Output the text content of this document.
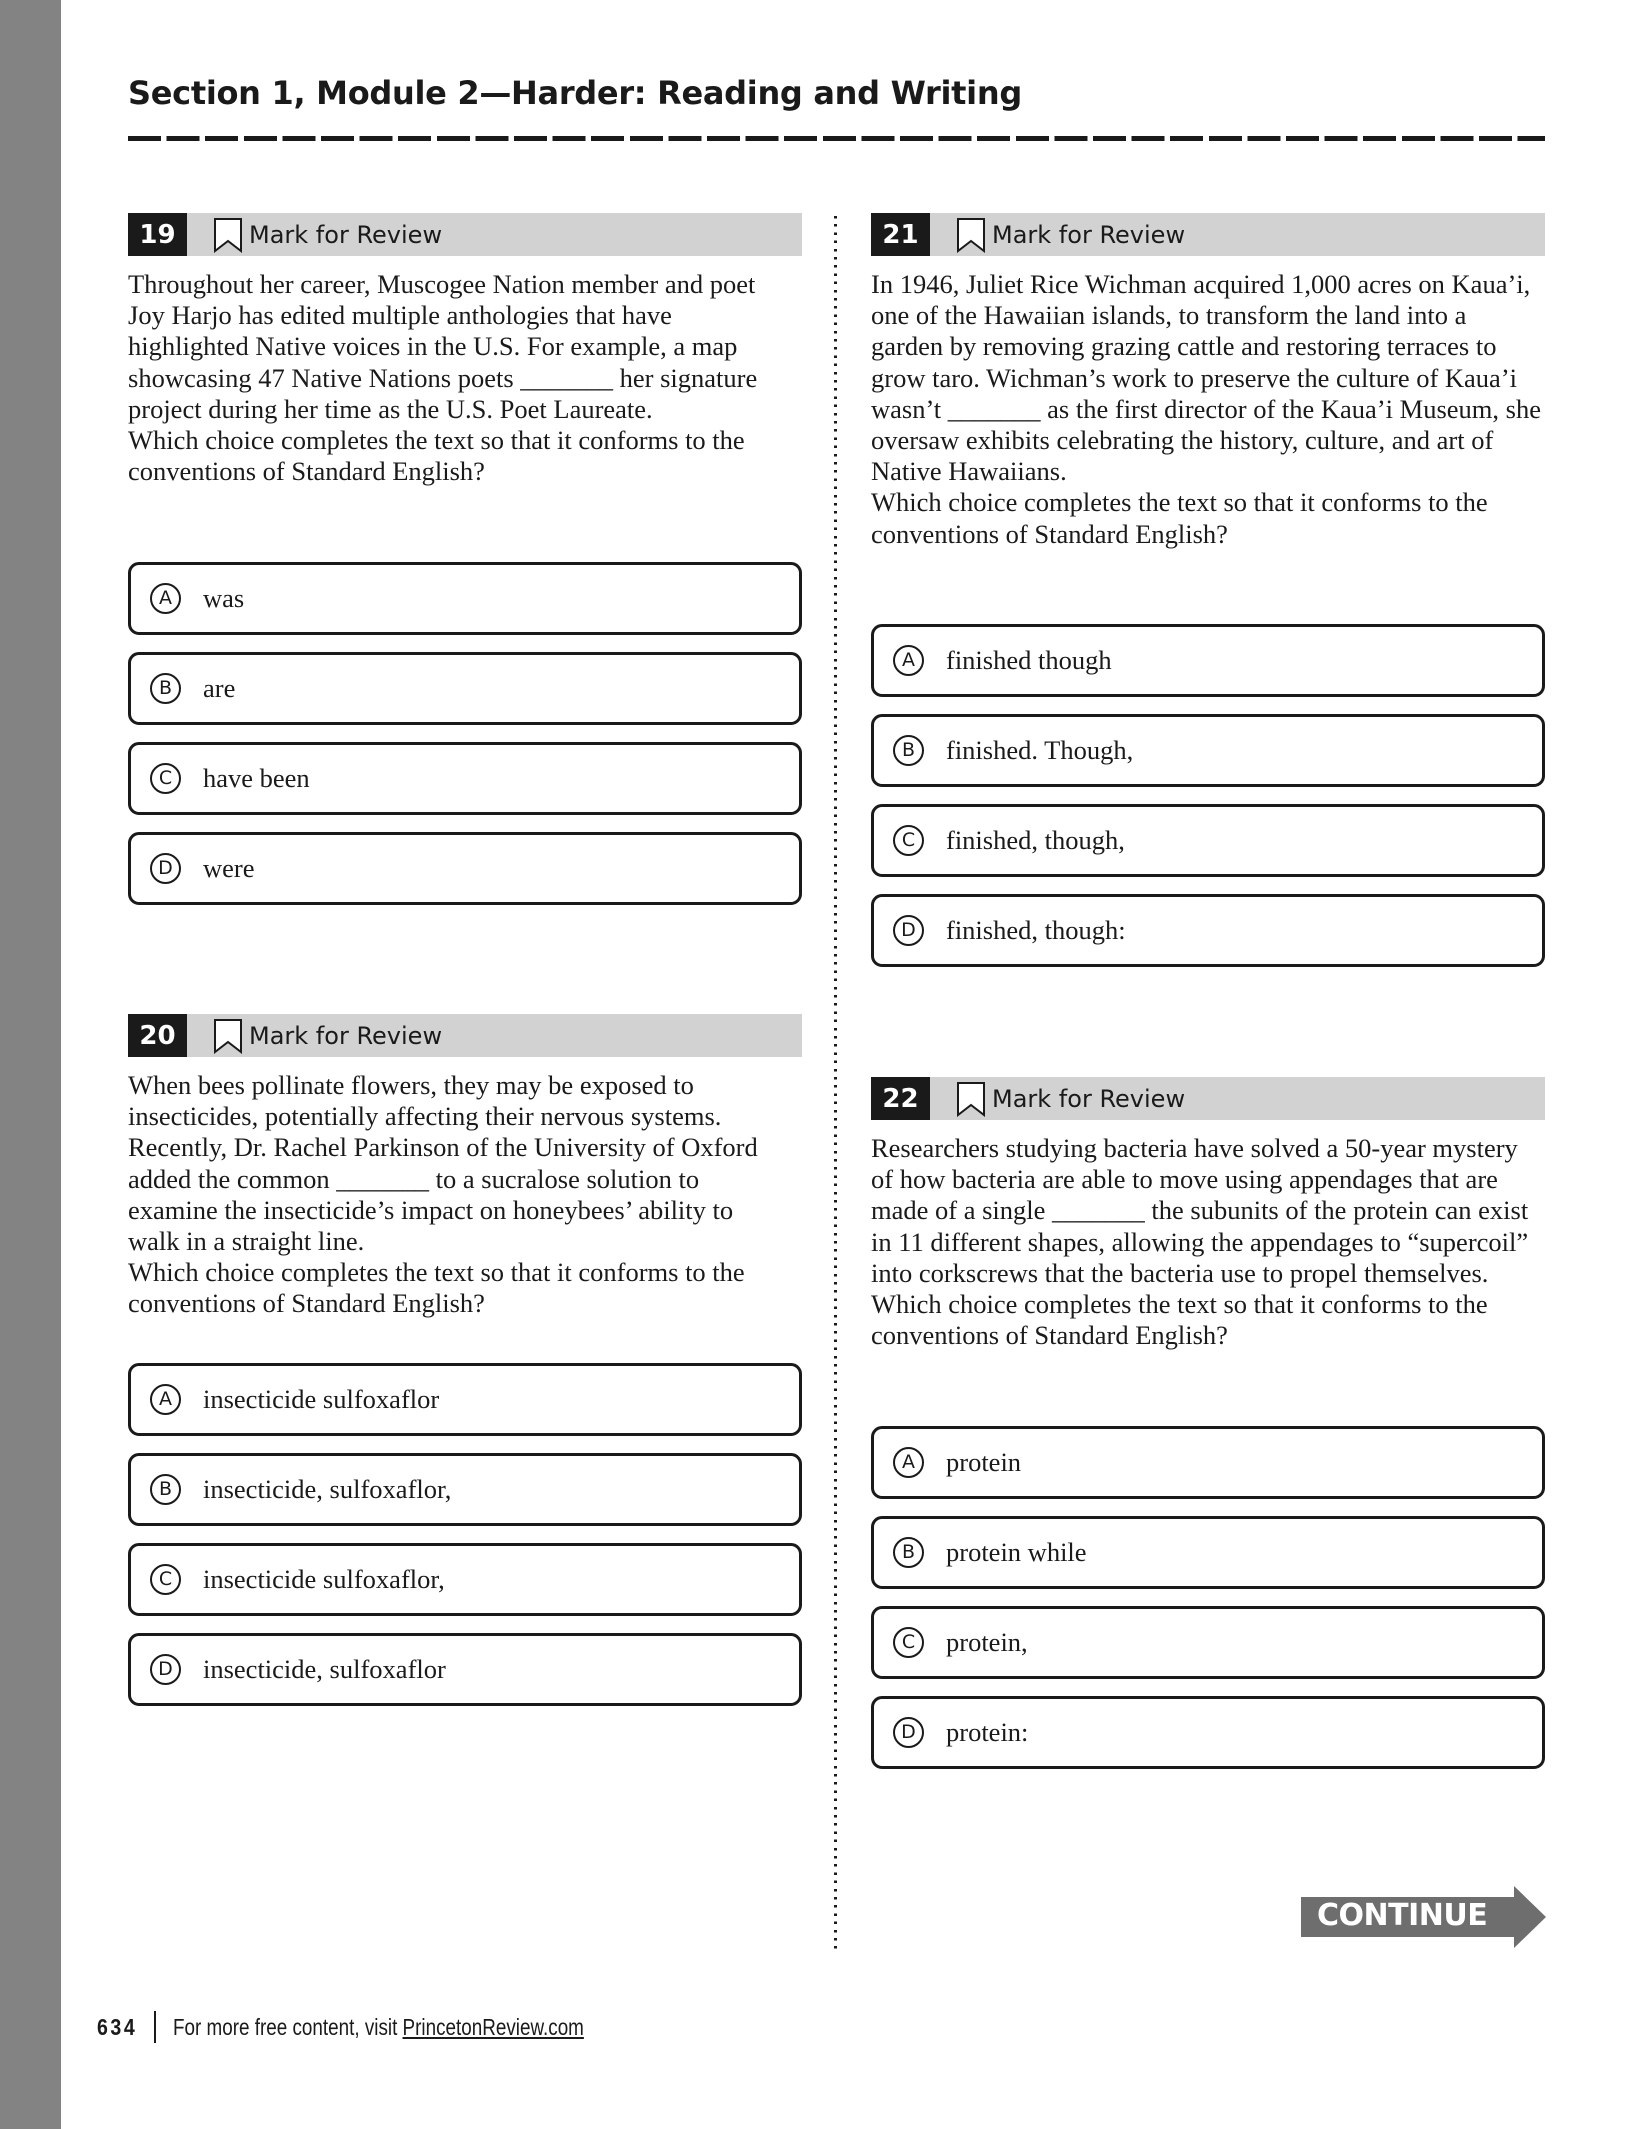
Section 1, Module 2—Harder: Reading and Writing
19	Mark for Review

Throughout her career, Muscogee Nation member and poet Joy Harjo has edited multiple anthologies that have highlighted Native voices in the U.S. For example, a map showcasing 47 Native Nations poets _______ her signature project during her time as the U.S. Poet Laureate.

Which choice completes the text so that it conforms to the conventions of Standard English?

A	was
B	are
C	have been
D	were
20	Mark for Review

When bees pollinate flowers, they may be exposed to insecticides, potentially affecting their nervous systems. Recently, Dr. Rachel Parkinson of the University of Oxford added the common _______ to a sucralose solution to examine the insecticide’s impact on honeybees’ ability to walk in a straight line.

Which choice completes the text so that it conforms to the conventions of Standard English?

A	insecticide sulfoxaflor
B	insecticide, sulfoxaflor,
C	insecticide sulfoxaflor,
D	insecticide, sulfoxaflor
21	Mark for Review

In 1946, Juliet Rice Wichman acquired 1,000 acres on Kaua’i, one of the Hawaiian islands, to transform the land into a garden by removing grazing cattle and restoring terraces to grow taro. Wichman’s work to preserve the culture of Kaua’i wasn’t _______ as the first director of the Kaua’i Museum, she oversaw exhibits celebrating the history, culture, and art of Native Hawaiians.

Which choice completes the text so that it conforms to the conventions of Standard English?

A	finished though
B	finished. Though,
C	finished, though,
D	finished, though:
22	Mark for Review

Researchers studying bacteria have solved a 50-year mystery of how bacteria are able to move using appendages that are made of a single _______ the subunits of the protein can exist in 11 different shapes, allowing the appendages to “supercoil” into corkscrews that the bacteria use to propel themselves.

Which choice completes the text so that it conforms to the conventions of Standard English?

A	protein
B	protein while
C	protein,
D	protein:
CONTINUE
634 For more free content, visit PrincetonReview.com
